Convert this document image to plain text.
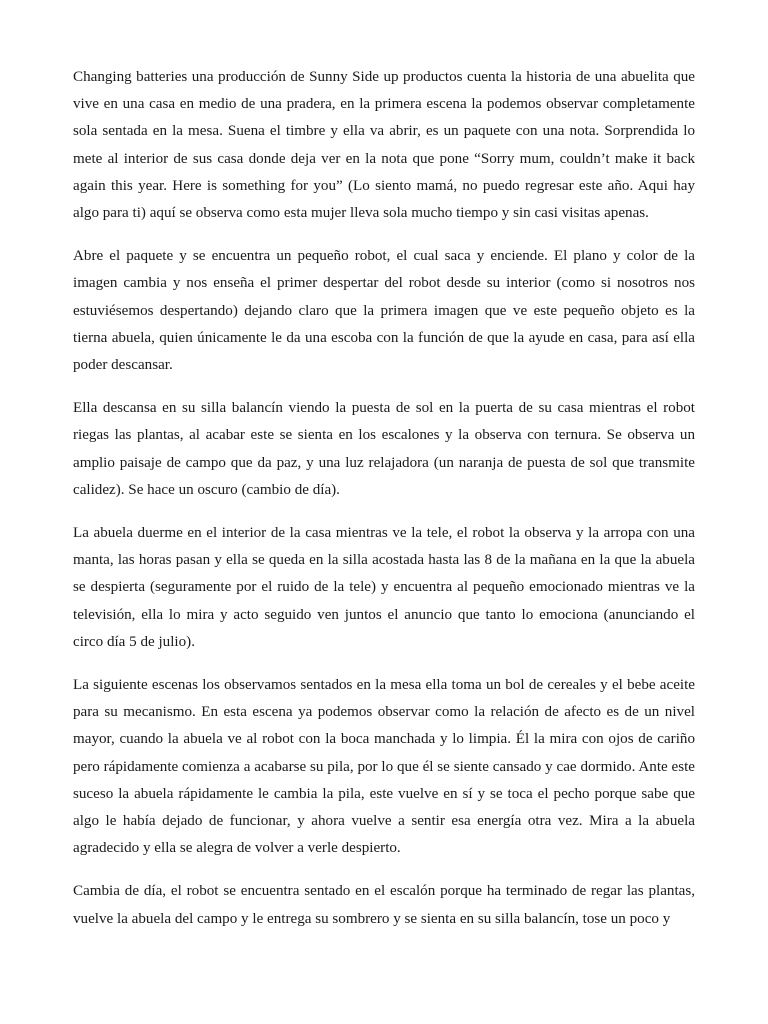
Changing batteries una producción de Sunny Side up productos cuenta la historia de una abuelita que vive en una casa en medio de una pradera, en la primera escena la podemos observar completamente sola sentada en la mesa. Suena el timbre y ella va abrir, es un paquete con una nota. Sorprendida lo mete al interior de sus casa donde deja ver en la nota que pone “Sorry mum, couldn’t make it back again this year. Here is something for you” (Lo siento mamá, no puedo regresar este año. Aqui hay algo para ti) aquí se observa como esta mujer lleva sola mucho tiempo y sin casi visitas apenas.

Abre el paquete y se encuentra un pequeño robot, el cual saca y enciende. El plano y color de la imagen cambia y nos enseña el primer despertar del robot desde su interior (como si nosotros nos estuviésemos despertando) dejando claro que la primera imagen que ve este pequeño objeto es la tierna abuela, quien únicamente le da una escoba con la función de que la ayude en casa, para así ella poder descansar.

Ella descansa en su silla balancín viendo la puesta de sol en la puerta de su casa mientras el robot riegas las plantas, al acabar este se sienta en los escalones y la observa con ternura. Se observa un amplio paisaje de campo que da paz, y una luz relajadora (un naranja de puesta de sol que transmite calidez). Se hace un oscuro (cambio de día).

La abuela duerme en el interior de la casa mientras ve la tele, el robot la observa y la arropa con una manta, las horas pasan y ella se queda en la silla acostada hasta las 8 de la mañana en la que la abuela se despierta (seguramente por el ruido de la tele) y encuentra al pequeño emocionado mientras ve la televisión, ella lo mira y acto seguido ven juntos el anuncio que tanto lo emociona (anunciando el circo día 5 de julio).

La siguiente escenas los observamos sentados en la mesa ella toma un bol de cereales y el bebe aceite para su mecanismo. En esta escena ya podemos observar como la relación de afecto es de un nivel mayor, cuando la abuela ve al robot con la boca manchada y lo limpia. Él la mira con ojos de cariño pero rápidamente comienza a acabarse su pila, por lo que él se siente cansado y cae dormido. Ante este suceso la abuela rápidamente le cambia la pila, este vuelve en sí y se toca el pecho porque sabe que algo le había dejado de funcionar, y ahora vuelve a sentir esa energía otra vez. Mira a la abuela agradecido y ella se alegra de volver a verle despierto.

Cambia de día, el robot se encuentra sentado en el escalón porque ha terminado de regar las plantas, vuelve la abuela del campo y le entrega su sombrero y se sienta en su silla balancín, tose un poco y
